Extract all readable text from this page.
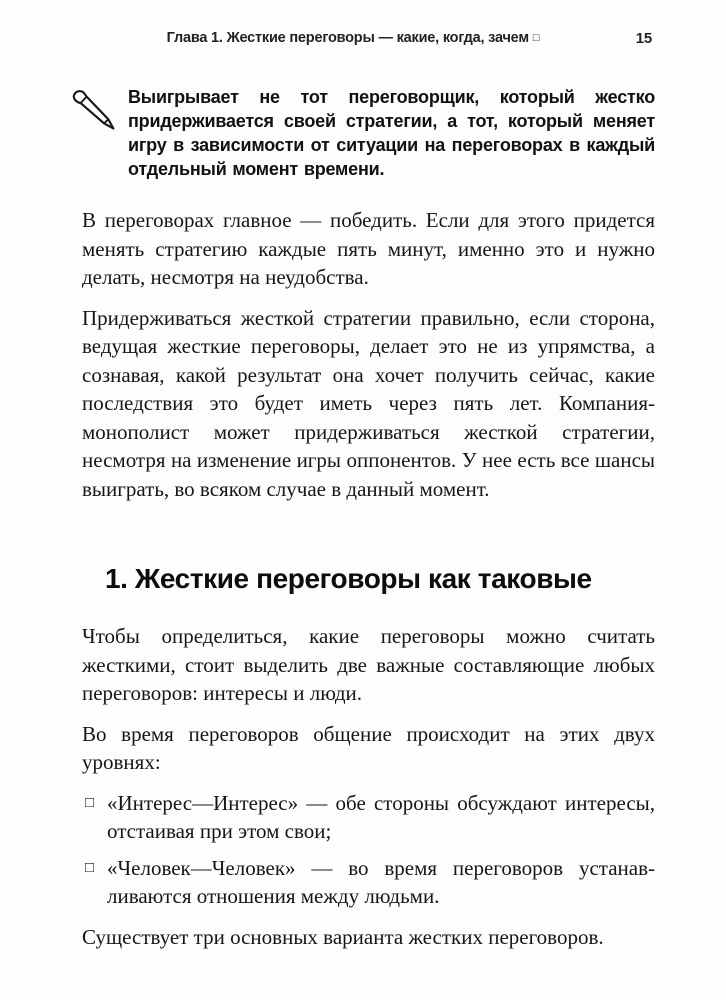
Глава 1. Жесткие переговоры — какие, когда, зачем □	15
Выигрывает не тот переговорщик, который жестко придерживается своей стратегии, а тот, который меняет игру в зависимости от ситуации на переговорах в каждый отдельный момент времени.

В переговорах главное — победить. Если для этого придется менять стратегию каждые пять минут, именно это и нужно делать, несмотря на неудобства.

Придерживаться жесткой стратегии правильно, если сторона, ведущая жесткие переговоры, делает это не из упрямства, а сознавая, какой результат она хочет получить сейчас, какие последствия это будет иметь через пять лет. Компания-монополист может придерживаться жесткой стратегии, несмотря на изменение игры оппонентов. У нее есть все шансы выиграть, во всяком случае в данный момент.

1. Жесткие переговоры как таковые

Чтобы определиться, какие переговоры можно считать жесткими, стоит выделить две важные составляющие любых переговоров: интересы и люди.

Во время переговоров общение происходит на этих двух уровнях:

□ «Интерес—Интерес» — обе стороны обсуждают интересы, отстаивая при этом свои;
□ «Человек—Человек» — во время переговоров устанавливаются отношения между людьми.

Существует три основных варианта жестких переговоров.
